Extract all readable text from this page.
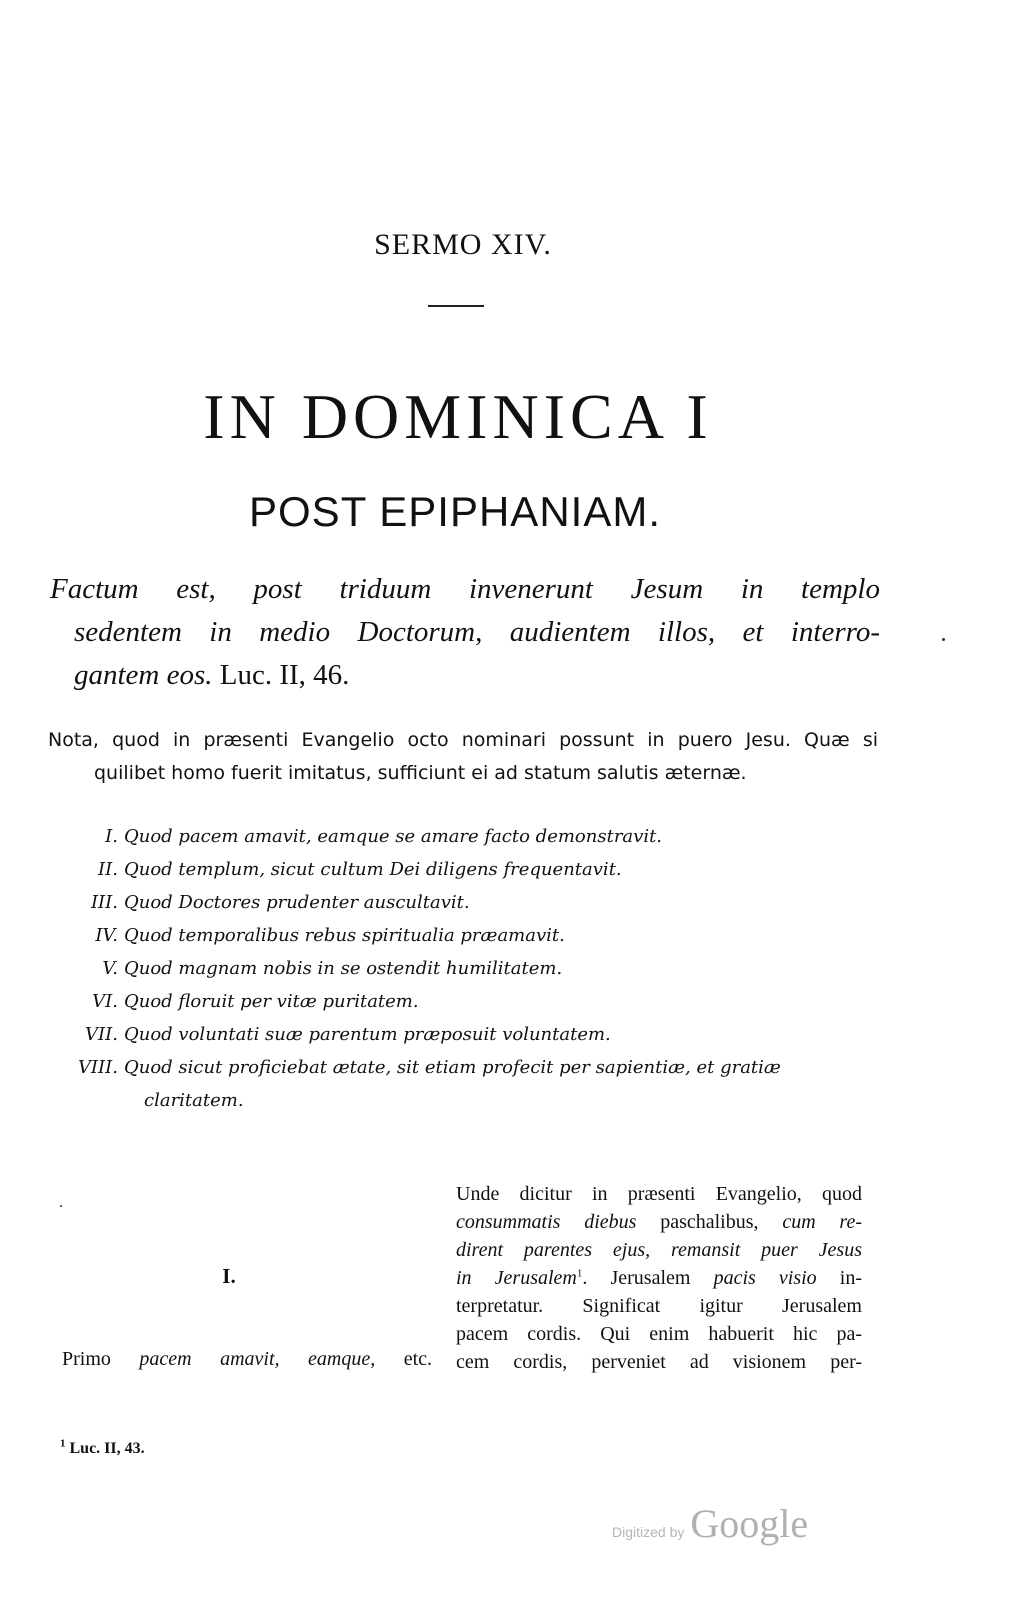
SERMO XIV.
IN DOMINICA I
POST EPIPHANIAM.
Factum est, post triduum invenerunt Jesum in templo
sedentem in medio Doctorum, audientem illos, et interro-
gantem eos. Luc. II, 46.
Nota, quod in præsenti Evangelio octo nominari possunt in puero Jesu. Quæ si
quilibet homo fuerit imitatus, sufficiunt ei ad statum salutis æternæ.
I. Quod pacem amavit, eamque se amare facto demonstravit.
II. Quod templum, sicut cultum Dei diligens frequentavit.
III. Quod Doctores prudenter auscultavit.
IV. Quod temporalibus rebus spiritualia præamavit.
V. Quod magnam nobis in se ostendit humilitatem.
VI. Quod floruit per vitæ puritatem.
VII. Quod voluntati suæ parentum præposuit voluntatem.
VIII. Quod sicut proficiebat ætate, sit etiam profecit per sapientiæ, et gratiæ
claritatem.
I.
Primo pacem amavit, eamque, etc.
Unde dicitur in præsenti Evangelio, quod
consummatis diebus paschalibus, cum re-
dirent parentes ejus, remansit puer Jesus
in Jerusalem$^1$. Jerusalem pacis visio in-
terpretatur. Significat igitur Jerusalem
pacem cordis. Qui enim habuerit hic pa-
cem cordis, perveniet ad visionem per-
$^1$ Luc. II, 43.
Digitized by Google
